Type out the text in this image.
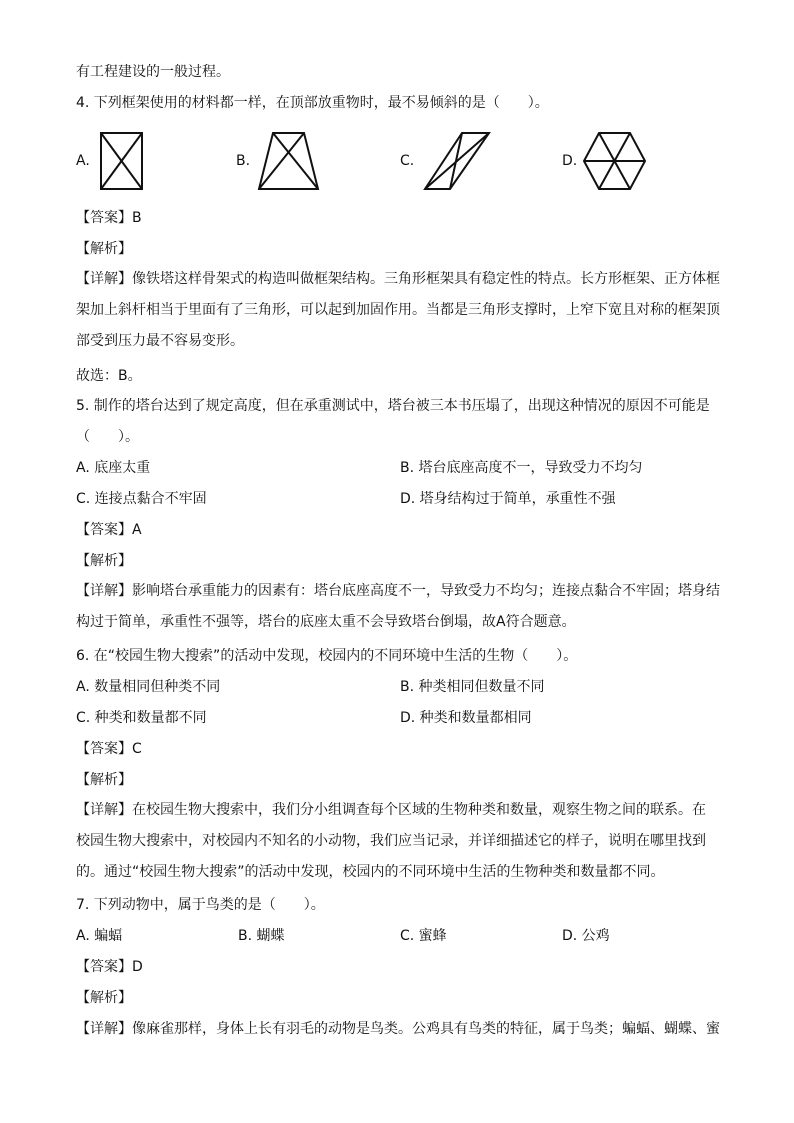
有工程建设的一般过程。
4. 下列框架使用的材料都一样，在顶部放重物时，最不易倾斜的是（　　）。
A.	B.	C.	D.
【答案】B
【解析】
【详解】像铁塔这样骨架式的构造叫做框架结构。三角形框架具有稳定性的特点。长方形框架、正方体框
架加上斜杆相当于里面有了三角形，可以起到加固作用。当都是三角形支撑时，上窄下宽且对称的框架顶
部受到压力最不容易变形。
故选：B。
5. 制作的塔台达到了规定高度，但在承重测试中，塔台被三本书压塌了，出现这种情况的原因不可能是
（　　）。
A. 底座太重	B. 塔台底座高度不一，导致受力不均匀
C. 连接点黏合不牢固	D. 塔身结构过于简单，承重性不强
【答案】A
【解析】
【详解】影响塔台承重能力的因素有：塔台底座高度不一，导致受力不均匀；连接点黏合不牢固；塔身结
构过于简单，承重性不强等，塔台的底座太重不会导致塔台倒塌，故A符合题意。
6. 在“校园生物大搜索”的活动中发现，校园内的不同环境中生活的生物（　　）。
A. 数量相同但种类不同	B. 种类相同但数量不同
C. 种类和数量都不同	D. 种类和数量都相同
【答案】C
【解析】
【详解】在校园生物大搜索中，我们分小组调查每个区域的生物种类和数量，观察生物之间的联系。在
校园生物大搜索中，对校园内不知名的小动物，我们应当记录，并详细描述它的样子，说明在哪里找到
的。通过“校园生物大搜索”的活动中发现，校园内的不同环境中生活的生物种类和数量都不同。
7. 下列动物中，属于鸟类的是（　　）。
A. 蝙蝠	B. 蝴蝶	C. 蜜蜂	D. 公鸡
【答案】D
【解析】
【详解】像麻雀那样，身体上长有羽毛的动物是鸟类。公鸡具有鸟类的特征，属于鸟类；蝙蝠、蝴蝶、蜜
